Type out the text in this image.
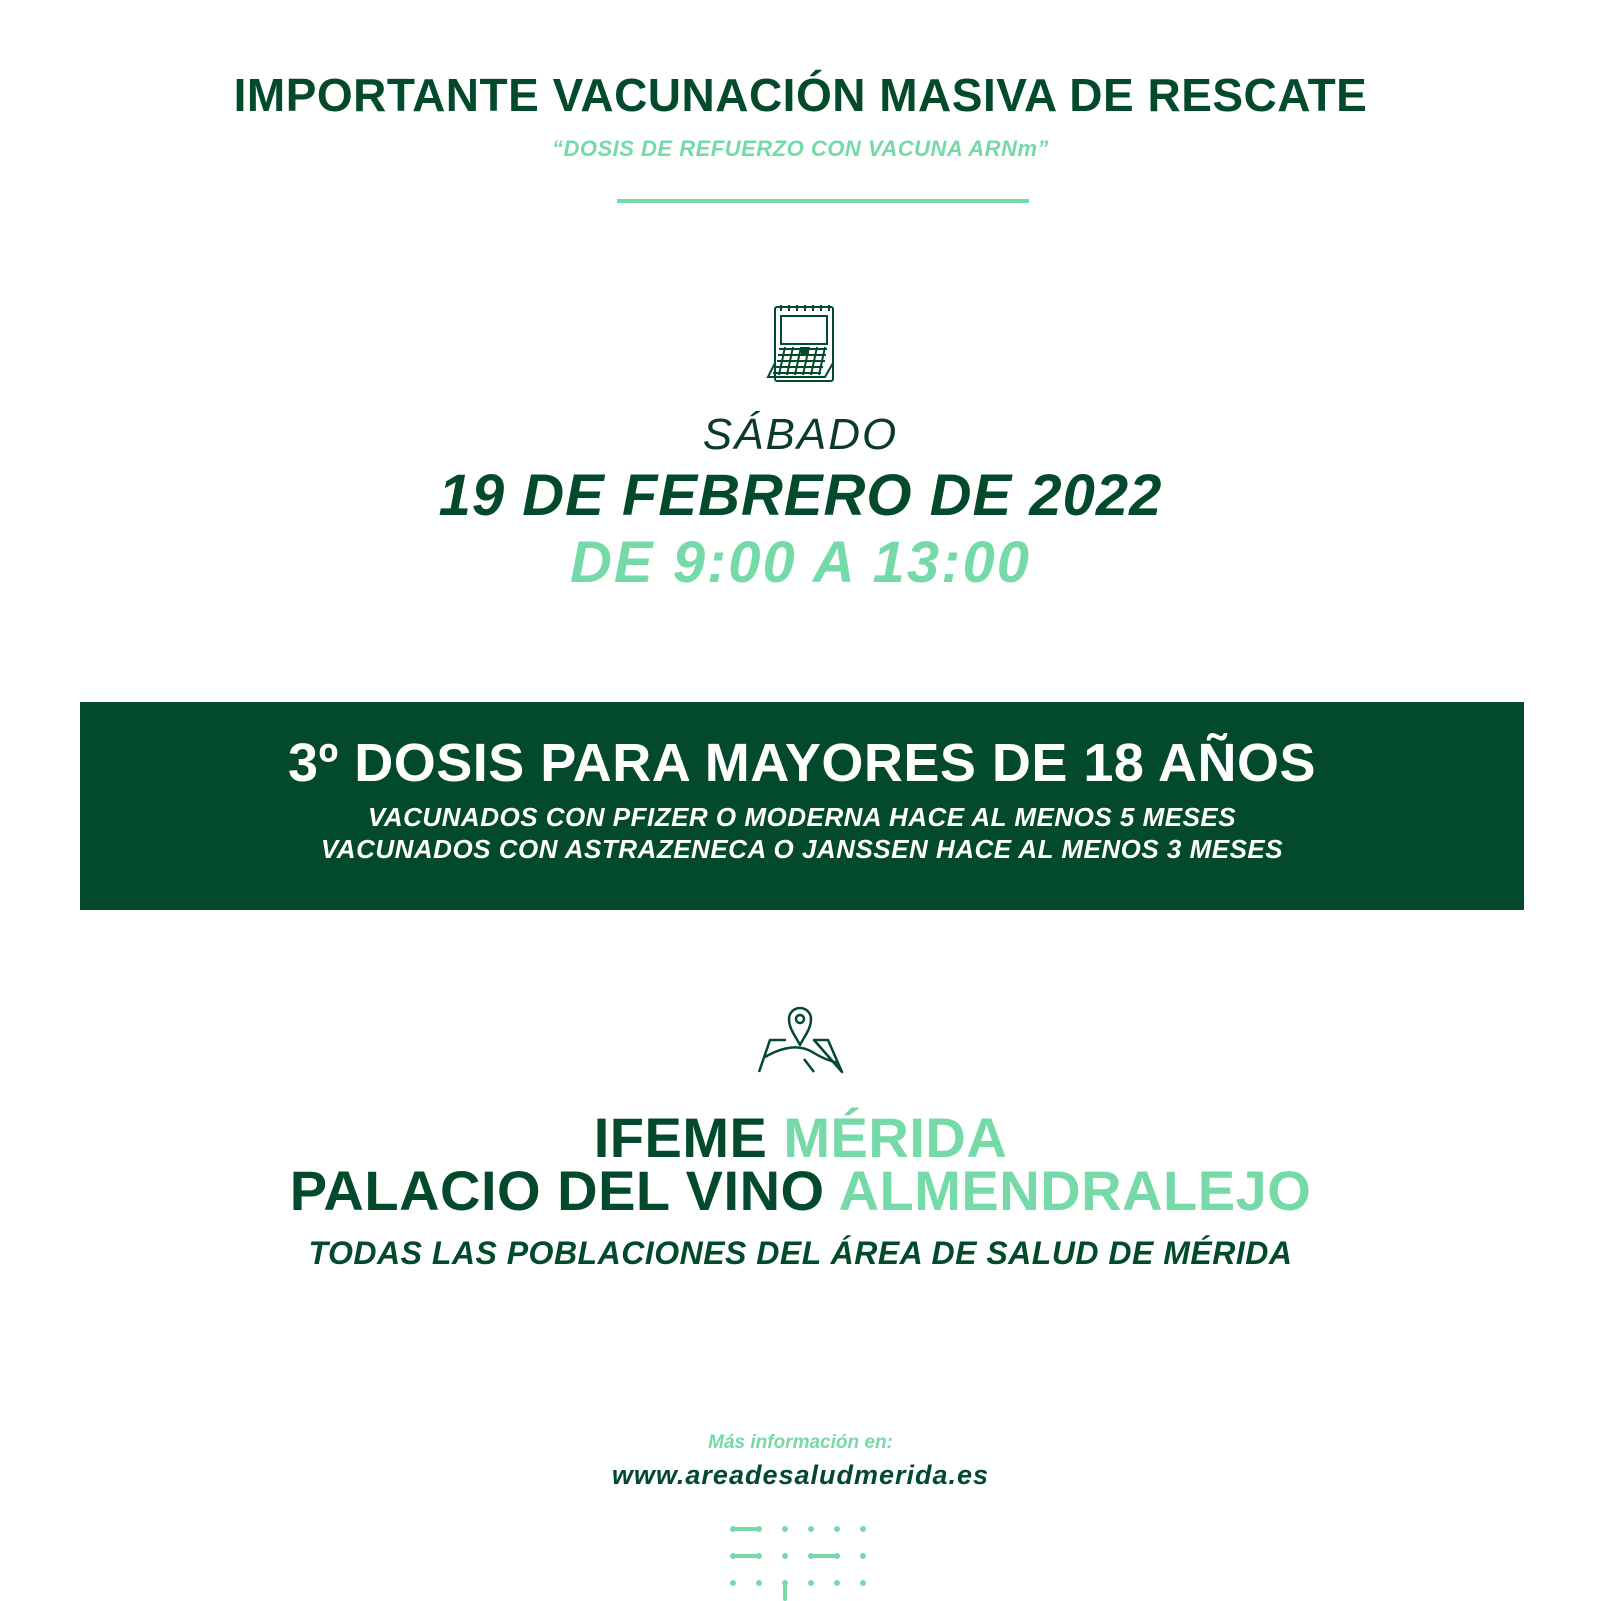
IMPORTANTE VACUNACIÓN MASIVA DE RESCATE

“DOSIS DE REFUERZO CON VACUNA ARNm”

SÁBADO

19 DE FEBRERO DE 2022

DE 9:00 A 13:00

3º DOSIS PARA MAYORES DE 18 AÑOS
VACUNADOS CON PFIZER O MODERNA HACE AL MENOS 5 MESES
VACUNADOS CON ASTRAZENECA O JANSSEN HACE AL MENOS 3 MESES

IFEME MÉRIDA

PALACIO DEL VINO ALMENDRALEJO

TODAS LAS POBLACIONES DEL ÁREA DE SALUD DE MÉRIDA

Más información en:

www.areadesaludmerida.es
